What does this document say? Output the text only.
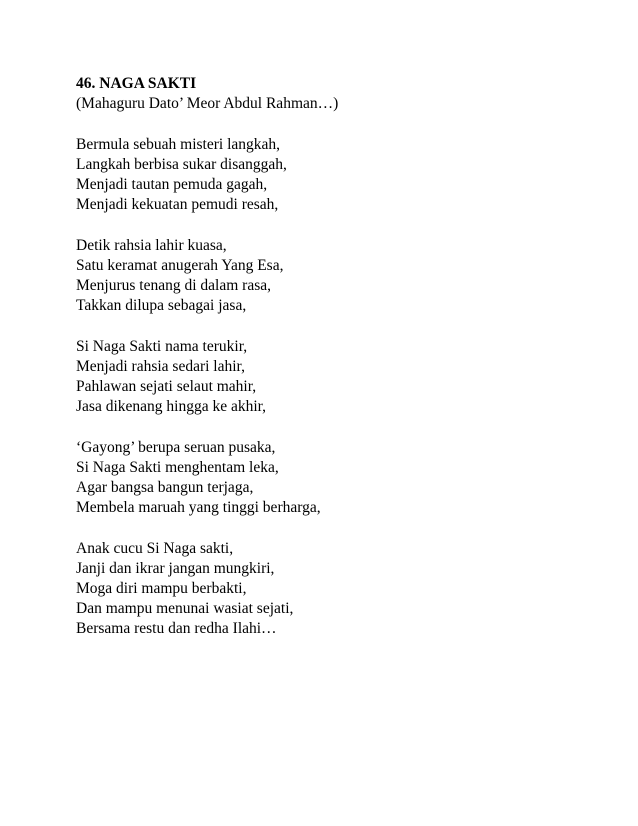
46. NAGA SAKTI
(Mahaguru Dato’ Meor Abdul Rahman…)
Bermula sebuah misteri langkah,
Langkah berbisa sukar disanggah,
Menjadi tautan pemuda gagah,
Menjadi kekuatan pemudi resah,
Detik rahsia lahir kuasa,
Satu keramat anugerah Yang Esa,
Menjurus tenang di dalam rasa,
Takkan dilupa sebagai jasa,
Si Naga Sakti nama terukir,
Menjadi rahsia sedari lahir,
Pahlawan sejati selaut mahir,
Jasa dikenang hingga ke akhir,
‘Gayong’ berupa seruan pusaka,
Si Naga Sakti menghentam leka,
Agar bangsa bangun terjaga,
Membela maruah yang tinggi berharga,
Anak cucu Si Naga sakti,
Janji dan ikrar jangan mungkiri,
Moga diri mampu berbakti,
Dan mampu menunai wasiat sejati,
Bersama restu dan redha Ilahi…
